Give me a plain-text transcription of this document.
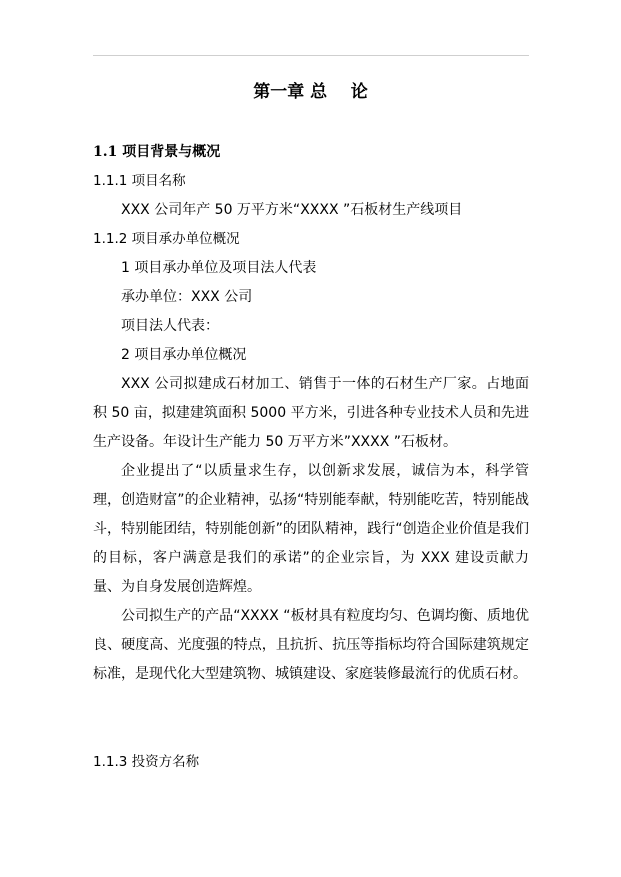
第一章 总    论
1.1 项目背景与概况
1.1.1 项目名称
XXX 公司年产 50 万平方米“XXXX ”石板材生产线项目
1.1.2 项目承办单位概况
1 项目承办单位及项目法人代表
承办单位：XXX 公司
项目法人代表：
2 项目承办单位概况
XXX 公司拟建成石材加工、销售于一体的石材生产厂家。占地面积 50 亩，拟建建筑面积 5000 平方米，引进各种专业技术人员和先进生产设备。年设计生产能力 50 万平方米”XXXX ”石板材。
企业提出了“以质量求生存，以创新求发展，诚信为本，科学管理，创造财富”的企业精神，弘扬“特别能奉献，特别能吃苦，特别能战斗，特别能团结，特别能创新”的团队精神，践行“创造企业价值是我们的目标，客户满意是我们的承诺”的企业宗旨，为 XXX 建设贡献力量、为自身发展创造辉煌。
公司拟生产的产品“XXXX “板材具有粒度均匀、色调均衡、质地优良、硬度高、光度强的特点，且抗折、抗压等指标均符合国际建筑规定标准，是现代化大型建筑物、城镇建设、家庭装修最流行的优质石材。
1.1.3 投资方名称
